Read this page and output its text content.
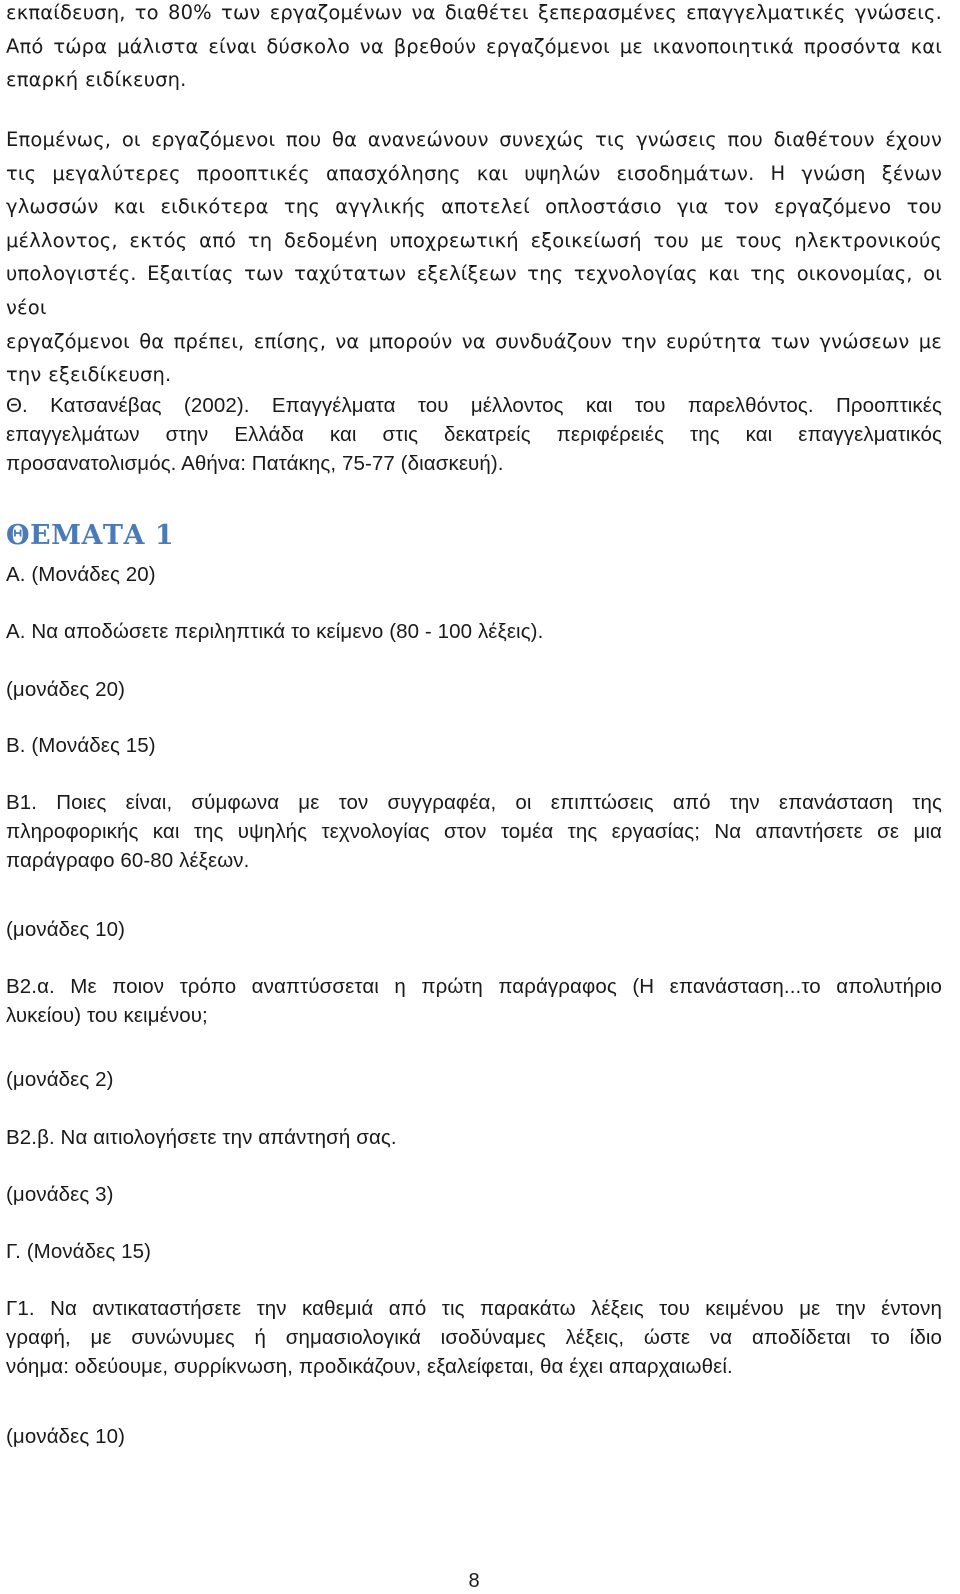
εκπαίδευση, το 80% των εργαζομένων να διαθέτει ξεπερασμένες επαγγελματικές γνώσεις.
Από τώρα μάλιστα είναι δύσκολο να βρεθούν εργαζόμενοι με ικανοποιητικά προσόντα και
επαρκή ειδίκευση.
Επομένως, οι εργαζόμενοι που θα ανανεώνουν συνεχώς τις γνώσεις που διαθέτουν έχουν
τις μεγαλύτερες προοπτικές απασχόλησης και υψηλών εισοδημάτων. Η γνώση ξένων
γλωσσών και ειδικότερα της αγγλικής αποτελεί οπλοστάσιο για τον εργαζόμενο του
μέλλοντος, εκτός από τη δεδομένη υποχρεωτική εξοικείωσή του με τους ηλεκτρονικούς
υπολογιστές. Εξαιτίας των ταχύτατων εξελίξεων της τεχνολογίας και της οικονομίας, οι νέοι
εργαζόμενοι θα πρέπει, επίσης, να μπορούν να συνδυάζουν την ευρύτητα των γνώσεων με
την εξειδίκευση.
Θ. Κατσανέβας (2002). Επαγγέλματα του μέλλοντος και του παρελθόντος. Προοπτικές
επαγγελμάτων στην Ελλάδα και στις δεκατρείς περιφέρειές της και επαγγελματικός
προσανατολισμός. Αθήνα: Πατάκης, 75-77 (διασκευή).
ΘΕΜΑΤΑ 1
Α. (Μονάδες 20)
Α. Να αποδώσετε περιληπτικά το κείμενο (80 - 100 λέξεις).
(μονάδες 20)
Β. (Μονάδες 15)
Β1. Ποιες είναι, σύμφωνα με τον συγγραφέα, οι επιπτώσεις από την επανάσταση της
πληροφορικής και της υψηλής τεχνολογίας στον τομέα της εργασίας; Να απαντήσετε σε μια
παράγραφο 60-80 λέξεων.
(μονάδες 10)
Β2.α. Με ποιον τρόπο αναπτύσσεται η πρώτη παράγραφος (Η επανάσταση...το απολυτήριο
λυκείου) του κειμένου;
(μονάδες 2)
Β2.β. Να αιτιολογήσετε την απάντησή σας.
(μονάδες 3)
Γ. (Μονάδες 15)
Γ1. Να αντικαταστήσετε την καθεμιά από τις παρακάτω λέξεις του κειμένου με την έντονη
γραφή, με συνώνυμες ή σημασιολογικά ισοδύναμες λέξεις, ώστε να αποδίδεται το ίδιο
νόημα: οδεύουμε, συρρίκνωση, προδικάζουν, εξαλείφεται, θα έχει απαρχαιωθεί.
(μονάδες 10)
8
